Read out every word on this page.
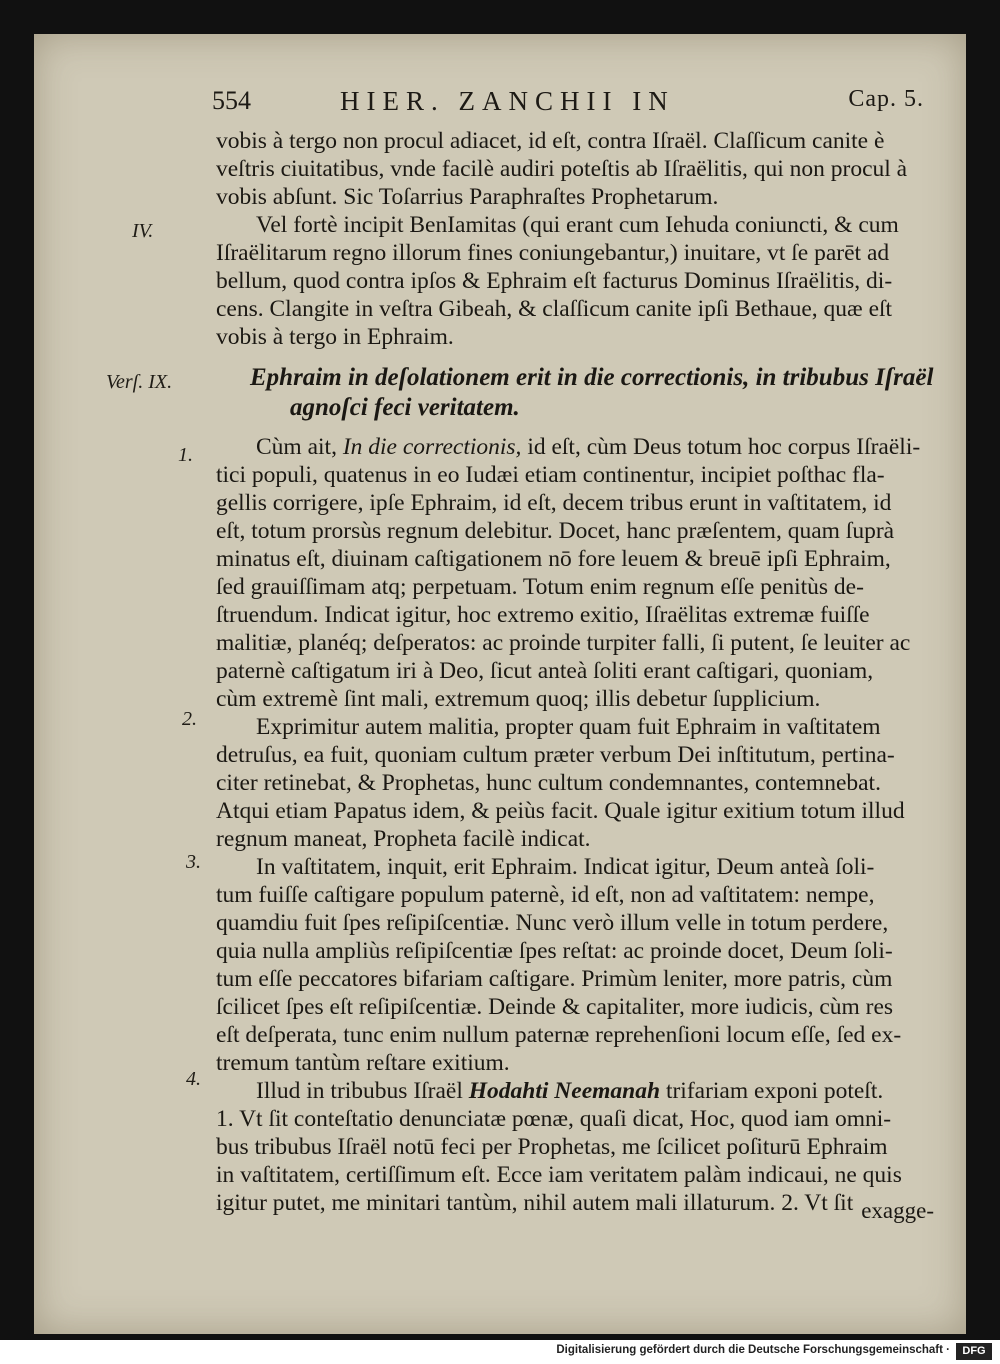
554	HIER. ZANCHII IN	Cap. 5.
IV.
Verſ. IX.
1.
2.
3.
4.
vobis à tergo non procul adiacet, id eſt, contra Iſraël. Claſſicum canite è
veſtris ciuitatibus, vnde facilè audiri poteſtis ab Iſraëlitis, qui non procul à
vobis abſunt. Sic Toſarrius Paraphraſtes Prophetarum.
Vel fortè incipit BenIamitas (qui erant cum Iehuda coniuncti, & cum
Iſraëlitarum regno illorum fines coniungebantur,) inuitare, vt ſe parēt ad
bellum, quod contra ipſos & Ephraim eſt facturus Dominus Iſraëlitis, di-
cens. Clangite in veſtra Gibeah, & claſſicum canite ipſi Bethaue, quæ eſt
vobis à tergo in Ephraim.
Ephraim in deſolationem erit in die correctionis, in tribubus Iſraël
agnoſci feci veritatem.
Cùm ait, In die correctionis, id eſt, cùm Deus totum hoc corpus Iſraëli-
tici populi, quatenus in eo Iudæi etiam continentur, incipiet poſthac fla-
gellis corrigere, ipſe Ephraim, id eſt, decem tribus erunt in vaſtitatem, id
eſt, totum prorsùs regnum delebitur. Docet, hanc præſentem, quam ſuprà
minatus eſt, diuinam caſtigationem nō fore leuem & breuē ipſi Ephraim,
ſed grauiſſimam atq; perpetuam. Totum enim regnum eſſe penitùs de-
ſtruendum. Indicat igitur, hoc extremo exitio, Iſraëlitas extremæ fuiſſe
malitiæ, planéq; deſperatos: ac proinde turpiter falli, ſi putent, ſe leuiter ac
paternè caſtigatum iri à Deo, ſicut anteà ſoliti erant caſtigari, quoniam,
cùm extremè ſint mali, extremum quoq; illis debetur ſupplicium.
Exprimitur autem malitia, propter quam fuit Ephraim in vaſtitatem
detruſus, ea fuit, quoniam cultum præter verbum Dei inſtitutum, pertina-
citer retinebat, & Prophetas, hunc cultum condemnantes, contemnebat.
Atqui etiam Papatus idem, & peiùs facit. Quale igitur exitium totum illud
regnum maneat, Propheta facilè indicat.
In vaſtitatem, inquit, erit Ephraim. Indicat igitur, Deum anteà ſoli-
tum fuiſſe caſtigare populum paternè, id eſt, non ad vaſtitatem: nempe,
quamdiu fuit ſpes reſipiſcentiæ. Nunc verò illum velle in totum perdere,
quia nulla ampliùs reſipiſcentiæ ſpes reſtat: ac proinde docet, Deum ſoli-
tum eſſe peccatores bifariam caſtigare. Primùm leniter, more patris, cùm
ſcilicet ſpes eſt reſipiſcentiæ. Deinde & capitaliter, more iudicis, cùm res
eſt deſperata, tunc enim nullum paternæ reprehenſioni locum eſſe, ſed ex-
tremum tantùm reſtare exitium.
Illud in tribubus Iſraël Hodahti Neemanah trifariam exponi poteſt.
1. Vt ſit conteſtatio denunciatæ pœnæ, quaſi dicat, Hoc, quod iam omni-
bus tribubus Iſraël notū feci per Prophetas, me ſcilicet poſiturū Ephraim
in vaſtitatem, certiſſimum eſt. Ecce iam veritatem palàm indicaui, ne quis
igitur putet, me minitari tantùm, nihil autem mali illaturum. 2. Vt ſit exagge-
Digitalisierung gefördert durch die Deutsche Forschungsgemeinschaft ·	DFG
